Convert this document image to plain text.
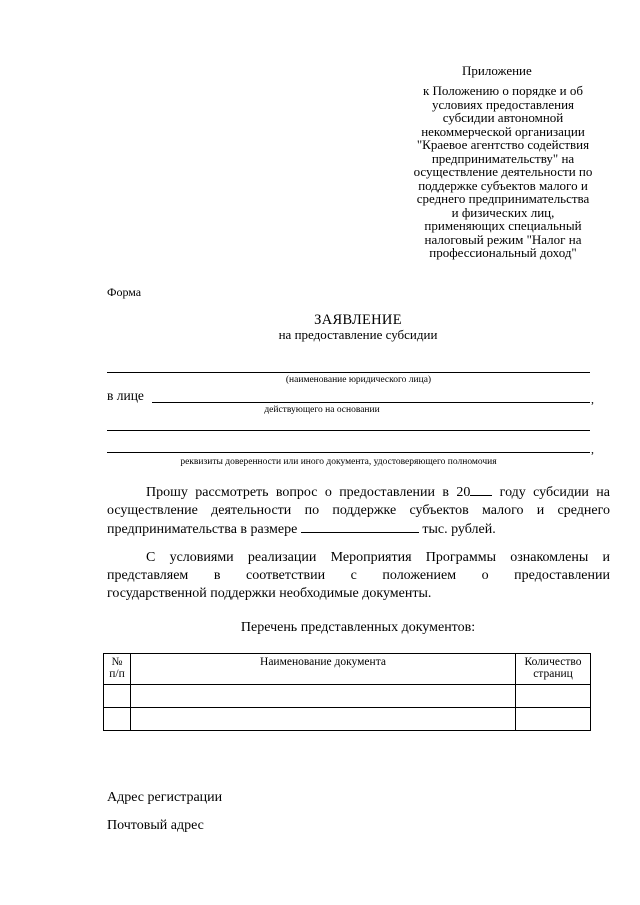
Приложение
к Положению о порядке и об
условиях предоставления
субсидии автономной
некоммерческой организации
"Краевое агентство содействия
предпринимательству" на
осуществление деятельности по
поддержке субъектов малого и
среднего предпринимательства
и физических лиц,
применяющих специальный
налоговый режим "Налог на
профессиональный доход"
Форма
ЗАЯВЛЕНИЕ
на предоставление субсидии
(наименование юридического лица)
в лице	,
действующего на основании
,
реквизиты доверенности или иного документа, удостоверяющего полномочия

Прошу рассмотреть вопрос о предоставлении в 20 году субсидии на

осуществление деятельности по поддержке субъектов малого и среднего

предпринимательства в размере	тыс. рублей.

С условиями реализации Мероприятия Программы ознакомлены и

представляем в соответствии с положением о предоставлении

государственной поддержки необходимые документы.

Перечень представленных документов:
№
п/п	Наименование документа	Количество
страниц

Адрес регистрации
Почтовый адрес
